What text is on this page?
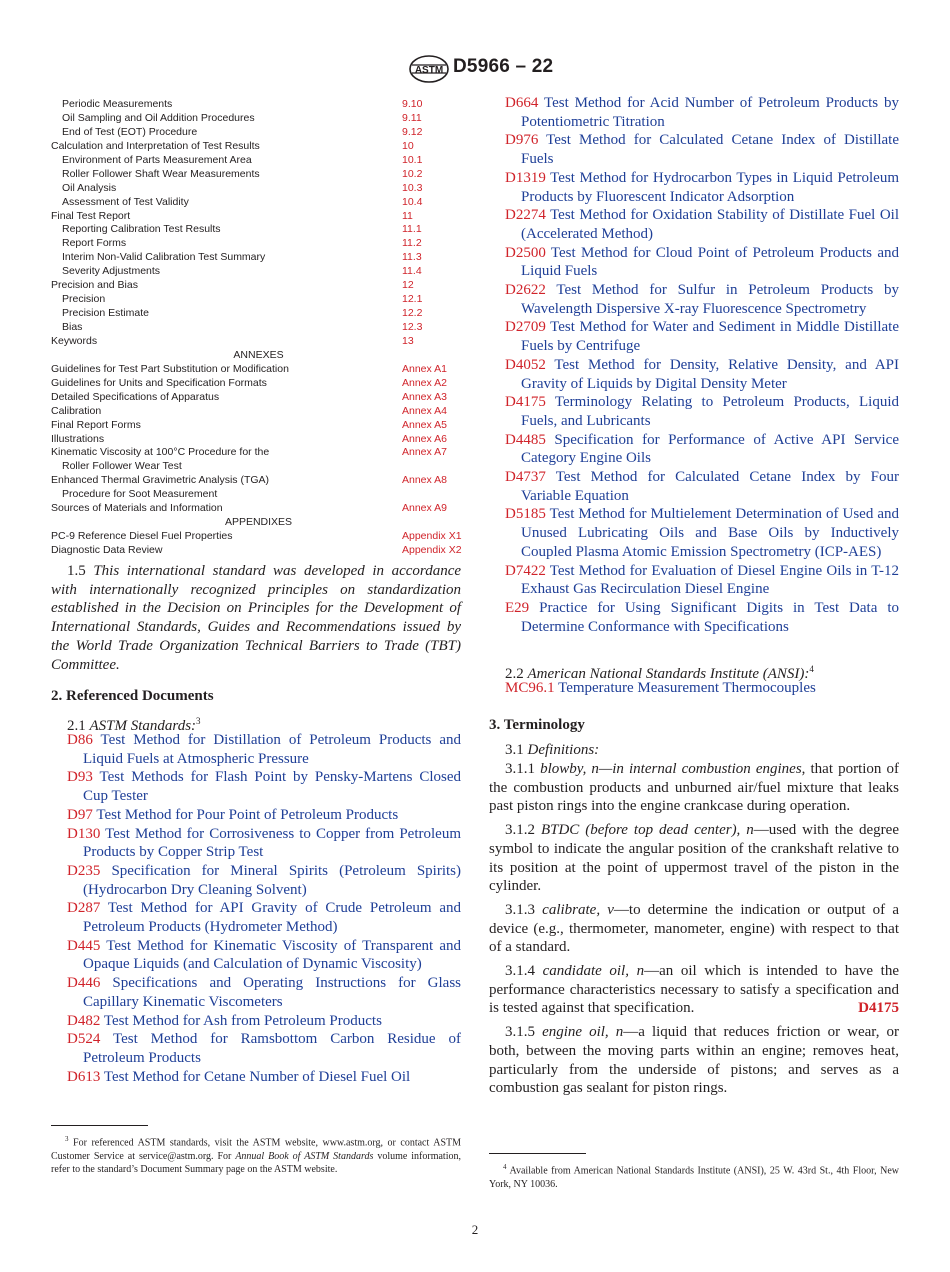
ASTM D5966 – 22
Periodic Measurements	9.10
Oil Sampling and Oil Addition Procedures	9.11
End of Test (EOT) Procedure	9.12
Calculation and Interpretation of Test Results	10
Environment of Parts Measurement Area	10.1
Roller Follower Shaft Wear Measurements	10.2
Oil Analysis	10.3
Assessment of Test Validity	10.4
Final Test Report	11
Reporting Calibration Test Results	11.1
Report Forms	11.2
Interim Non-Valid Calibration Test Summary	11.3
Severity Adjustments	11.4
Precision and Bias	12
Precision	12.1
Precision Estimate	12.2
Bias	12.3
Keywords	13
ANNEXES
Guidelines for Test Part Substitution or Modification	Annex A1
Guidelines for Units and Specification Formats	Annex A2
Detailed Specifications of Apparatus	Annex A3
Calibration	Annex A4
Final Report Forms	Annex A5
Illustrations	Annex A6
Kinematic Viscosity at 100°C Procedure for the	Annex A7
Roller Follower Wear Test
Enhanced Thermal Gravimetric Analysis (TGA)	Annex A8
Procedure for Soot Measurement
Sources of Materials and Information	Annex A9
APPENDIXES
PC-9 Reference Diesel Fuel Properties	Appendix X1
Diagnostic Data Review	Appendix X2
1.5 This international standard was developed in accordance with internationally recognized principles on standardization established in the Decision on Principles for the Development of International Standards, Guides and Recommendations issued by the World Trade Organization Technical Barriers to Trade (TBT) Committee.
2. Referenced Documents
2.1 ASTM Standards:$^3$
D86 Test Method for Distillation of Petroleum Products and Liquid Fuels at Atmospheric Pressure
D93 Test Methods for Flash Point by Pensky-Martens Closed Cup Tester
D97 Test Method for Pour Point of Petroleum Products
D130 Test Method for Corrosiveness to Copper from Petroleum Products by Copper Strip Test
D235 Specification for Mineral Spirits (Petroleum Spirits) (Hydrocarbon Dry Cleaning Solvent)
D287 Test Method for API Gravity of Crude Petroleum and Petroleum Products (Hydrometer Method)
D445 Test Method for Kinematic Viscosity of Transparent and Opaque Liquids (and Calculation of Dynamic Viscosity)
D446 Specifications and Operating Instructions for Glass Capillary Kinematic Viscometers
D482 Test Method for Ash from Petroleum Products
D524 Test Method for Ramsbottom Carbon Residue of Petroleum Products
D613 Test Method for Cetane Number of Diesel Fuel Oil
D664 Test Method for Acid Number of Petroleum Products by Potentiometric Titration
D976 Test Method for Calculated Cetane Index of Distillate Fuels
D1319 Test Method for Hydrocarbon Types in Liquid Petroleum Products by Fluorescent Indicator Adsorption
D2274 Test Method for Oxidation Stability of Distillate Fuel Oil (Accelerated Method)
D2500 Test Method for Cloud Point of Petroleum Products and Liquid Fuels
D2622 Test Method for Sulfur in Petroleum Products by Wavelength Dispersive X-ray Fluorescence Spectrometry
D2709 Test Method for Water and Sediment in Middle Distillate Fuels by Centrifuge
D4052 Test Method for Density, Relative Density, and API Gravity of Liquids by Digital Density Meter
D4175 Terminology Relating to Petroleum Products, Liquid Fuels, and Lubricants
D4485 Specification for Performance of Active API Service Category Engine Oils
D4737 Test Method for Calculated Cetane Index by Four Variable Equation
D5185 Test Method for Multielement Determination of Used and Unused Lubricating Oils and Base Oils by Inductively Coupled Plasma Atomic Emission Spectrometry (ICP-AES)
D7422 Test Method for Evaluation of Diesel Engine Oils in T-12 Exhaust Gas Recirculation Diesel Engine
E29 Practice for Using Significant Digits in Test Data to Determine Conformance with Specifications
2.2 American National Standards Institute (ANSI):$^4$
MC96.1 Temperature Measurement Thermocouples
3. Terminology
3.1 Definitions:
3.1.1 blowby, n—in internal combustion engines, that portion of the combustion products and unburned air/fuel mixture that leaks past piston rings into the engine crankcase during operation.
3.1.2 BTDC (before top dead center), n—used with the degree symbol to indicate the angular position of the crankshaft relative to its position at the point of uppermost travel of the piston in the cylinder.
3.1.3 calibrate, v—to determine the indication or output of a device (e.g., thermometer, manometer, engine) with respect to that of a standard.
3.1.4 candidate oil, n—an oil which is intended to have the performance characteristics necessary to satisfy a specification and is tested against that specification.	D4175
3.1.5 engine oil, n—a liquid that reduces friction or wear, or both, between the moving parts within an engine; removes heat, particularly from the underside of pistons; and serves as a combustion gas sealant for piston rings.
$^3$ For referenced ASTM standards, visit the ASTM website, www.astm.org, or contact ASTM Customer Service at service@astm.org. For Annual Book of ASTM Standards volume information, refer to the standard’s Document Summary page on the ASTM website.	$^4$ Available from American National Standards Institute (ANSI), 25 W. 43rd St., 4th Floor, New York, NY 10036.
2
